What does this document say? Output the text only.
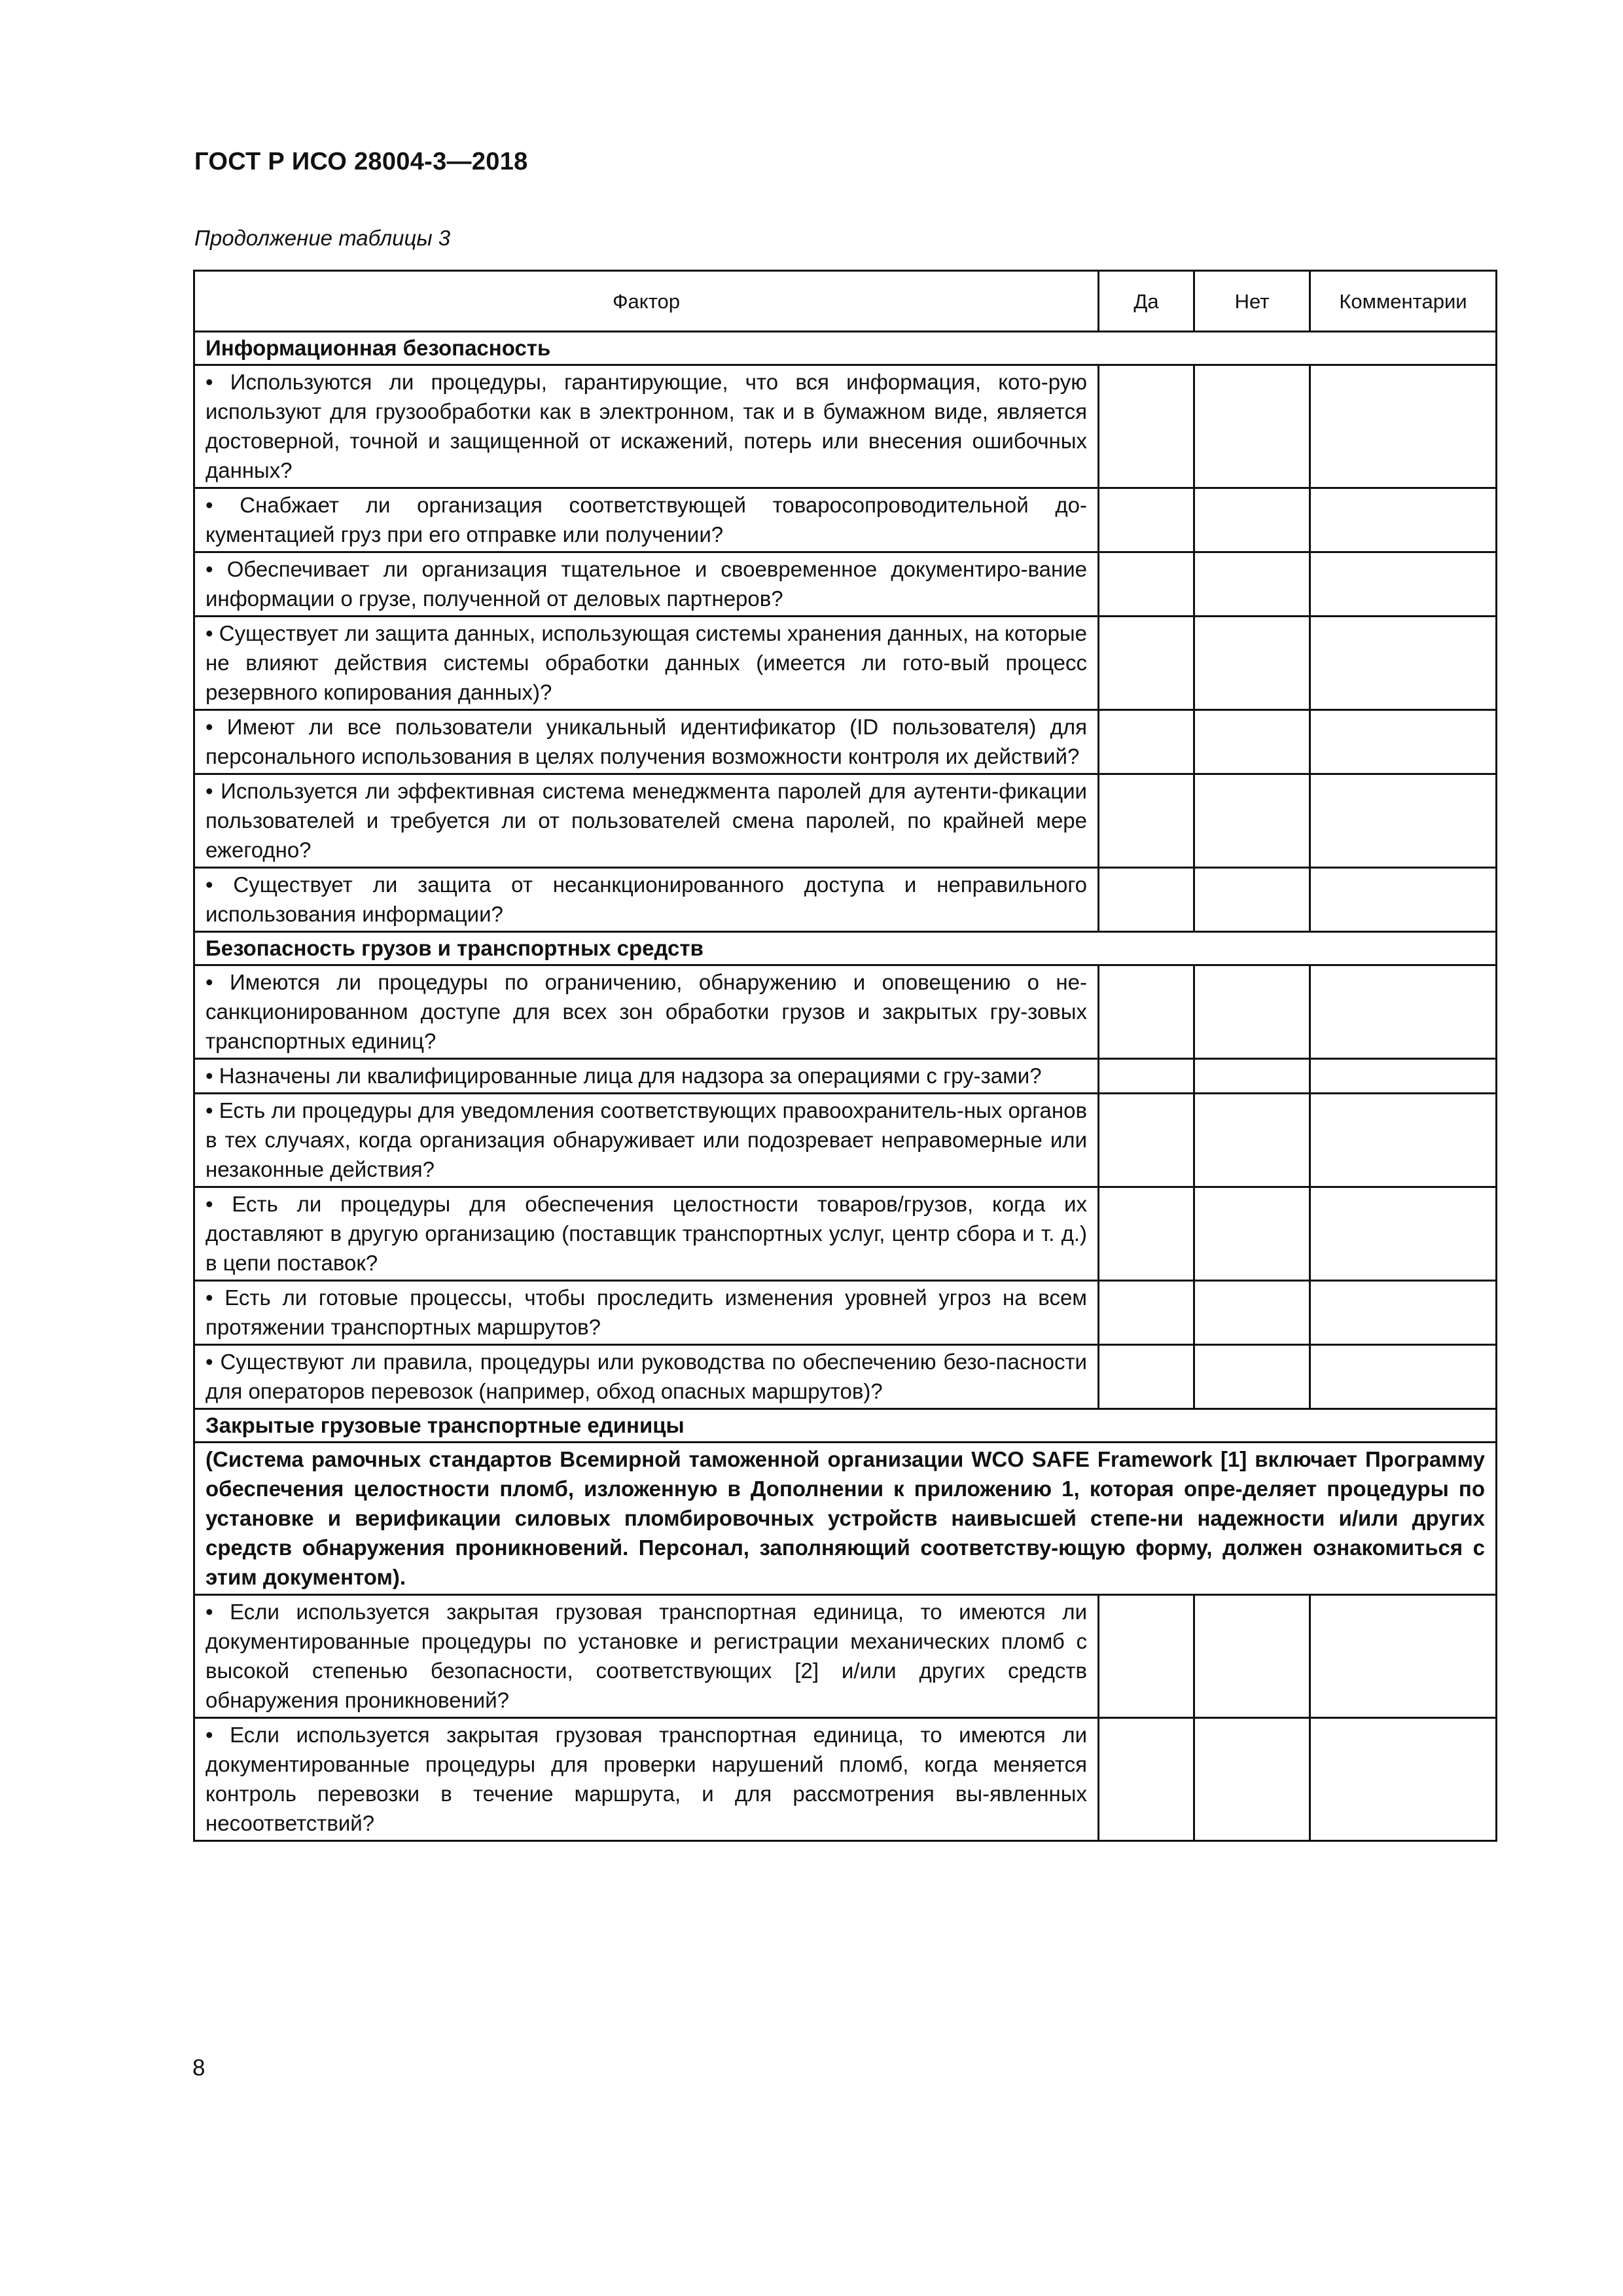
ГОСТ Р ИСО 28004-3—2018
Продолжение таблицы 3
Фактор	Да	Нет	Комментарии
Информационная безопасность			
• Используются ли процедуры, гарантирующие, что вся информация, кото-рую используют для грузообработки как в электронном, так и в бумажном виде, является достоверной, точной и защищенной от искажений, потерь или внесения ошибочных данных?			
• Снабжает ли организация соответствующей товаросопроводительной до-кументацией груз при его отправке или получении?			
• Обеспечивает ли организация тщательное и своевременное документиро-вание информации о грузе, полученной от деловых партнеров?			
• Существует ли защита данных, использующая системы хранения данных, на которые не влияют действия системы обработки данных (имеется ли гото-вый процесс резервного копирования данных)?			
• Имеют ли все пользователи уникальный идентификатор (ID пользователя) для персонального использования в целях получения возможности контроля их действий?			
• Используется ли эффективная система менеджмента паролей для аутенти-фикации пользователей и требуется ли от пользователей смена паролей, по крайней мере ежегодно?			
• Существует ли защита от несанкционированного доступа и неправильного использования информации?			
Безопасность грузов и транспортных средств			
• Имеются ли процедуры по ограничению, обнаружению и оповещению о не-санкционированном доступе для всех зон обработки грузов и закрытых гру-зовых транспортных единиц?			
• Назначены ли квалифицированные лица для надзора за операциями с гру-зами?			
• Есть ли процедуры для уведомления соответствующих правоохранитель-ных органов в тех случаях, когда организация обнаруживает или подозревает неправомерные или незаконные действия?			
• Есть ли процедуры для обеспечения целостности товаров/грузов, когда их доставляют в другую организацию (поставщик транспортных услуг, центр сбора и т. д.) в цепи поставок?			
• Есть ли готовые процессы, чтобы проследить изменения уровней угроз на всем протяжении транспортных маршрутов?			
• Существуют ли правила, процедуры или руководства по обеспечению безо-пасности для операторов перевозок (например, обход опасных маршрутов)?			
Закрытые грузовые транспортные единицы			
(Система рамочных стандартов Всемирной таможенной организации WCO SAFE Framework [1] включает Программу обеспечения целостности пломб, изложенную в Дополнении к приложению 1, которая опре-деляет процедуры по установке и верификации силовых пломбировочных устройств наивысшей степе-ни надежности и/или других средств обнаружения проникновений. Персонал, заполняющий соответству-ющую форму, должен ознакомиться с этим документом).			
• Если используется закрытая грузовая транспортная единица, то имеются ли документированные процедуры по установке и регистрации механических пломб с высокой степенью безопасности, соответствующих [2] и/или других средств обнаружения проникновений?			
• Если используется закрытая грузовая транспортная единица, то имеются ли документированные процедуры для проверки нарушений пломб, когда меняется контроль перевозки в течение маршрута, и для рассмотрения вы-явленных несоответствий?			
8
